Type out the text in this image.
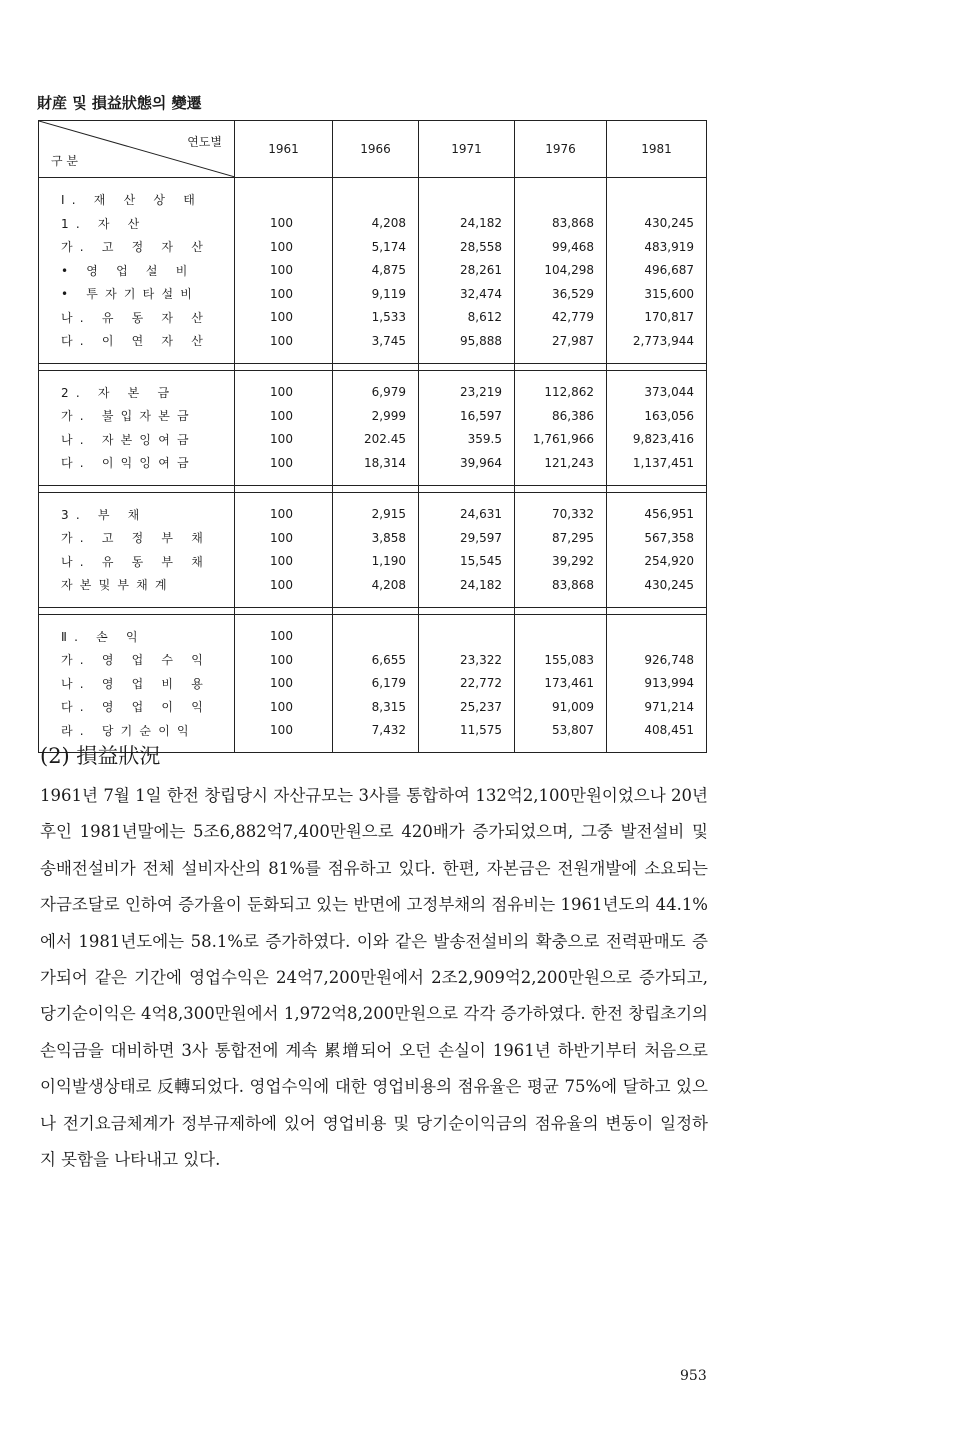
財産 및 損益狀態의 變遷
연도별
구 분	1961	1966	1971	1976	1981

Ⅰ. 재 산 상 태					
1. 자 산	100	4,208	24,182	83,868	430,245
가. 고 정 자 산	100	5,174	28,558	99,468	483,919
• 영 업 설 비	100	4,875	28,261	104,298	496,687
• 투자기타설비	100	9,119	32,474	36,529	315,600
나. 유 동 자 산	100	1,533	8,612	42,779	170,817
다. 이 연 자 산	100	3,745	95,888	27,987	2,773,944

2. 자 본 금	100	6,979	23,219	112,862	373,044
가. 불입자본금	100	2,999	16,597	86,386	163,056
나. 자본잉여금	100	202.45	359.5	1,761,966	9,823,416
다. 이익잉여금	100	18,314	39,964	121,243	1,137,451

3. 부 채	100	2,915	24,631	70,332	456,951
가. 고 정 부 채	100	3,858	29,597	87,295	567,358
나. 유 동 부 채	100	1,190	15,545	39,292	254,920
자본및부채계	100	4,208	24,182	83,868	430,245

Ⅱ. 손 익	100				
가. 영 업 수 익	100	6,655	23,322	155,083	926,748
나. 영 업 비 용	100	6,179	22,772	173,461	913,994
다. 영 업 이 익	100	8,315	25,237	91,009	971,214
라. 당기순이익	100	7,432	11,575	53,807	408,451

(2) 損益狀況

1961년 7월 1일 한전 창립당시 자산규모는 3사를 통합하여 132억2,100만원이었으나 20년후인 1981년말에는 5조6,882억7,400만원으로 420배가 증가되었으며, 그중 발전설비 및 송배전설비가 전체 설비자산의 81%를 점유하고 있다. 한편, 자본금은 전원개발에 소요되는 자금조달로 인하여 증가율이 둔화되고 있는 반면에 고정부채의 점유비는 1961년도의 44.1%에서 1981년도에는 58.1%로 증가하였다. 이와 같은 발송전설비의 확충으로 전력판매도 증가되어 같은 기간에 영업수익은 24억7,200만원에서 2조2,909억2,200만원으로 증가되고, 당기순이익은 4억8,300만원에서 1,972억8,200만원으로 각각 증가하였다. 한전 창립초기의 손익금을 대비하면 3사 통합전에 계속 累增되어 오던 손실이 1961년 하반기부터 처음으로 이익발생상태로 反轉되었다. 영업수익에 대한 영업비용의 점유율은 평균 75%에 달하고 있으나 전기요금체계가 정부규제하에 있어 영업비용 및 당기순이익금의 점유율의 변동이 일정하지 못함을 나타내고 있다.

953
